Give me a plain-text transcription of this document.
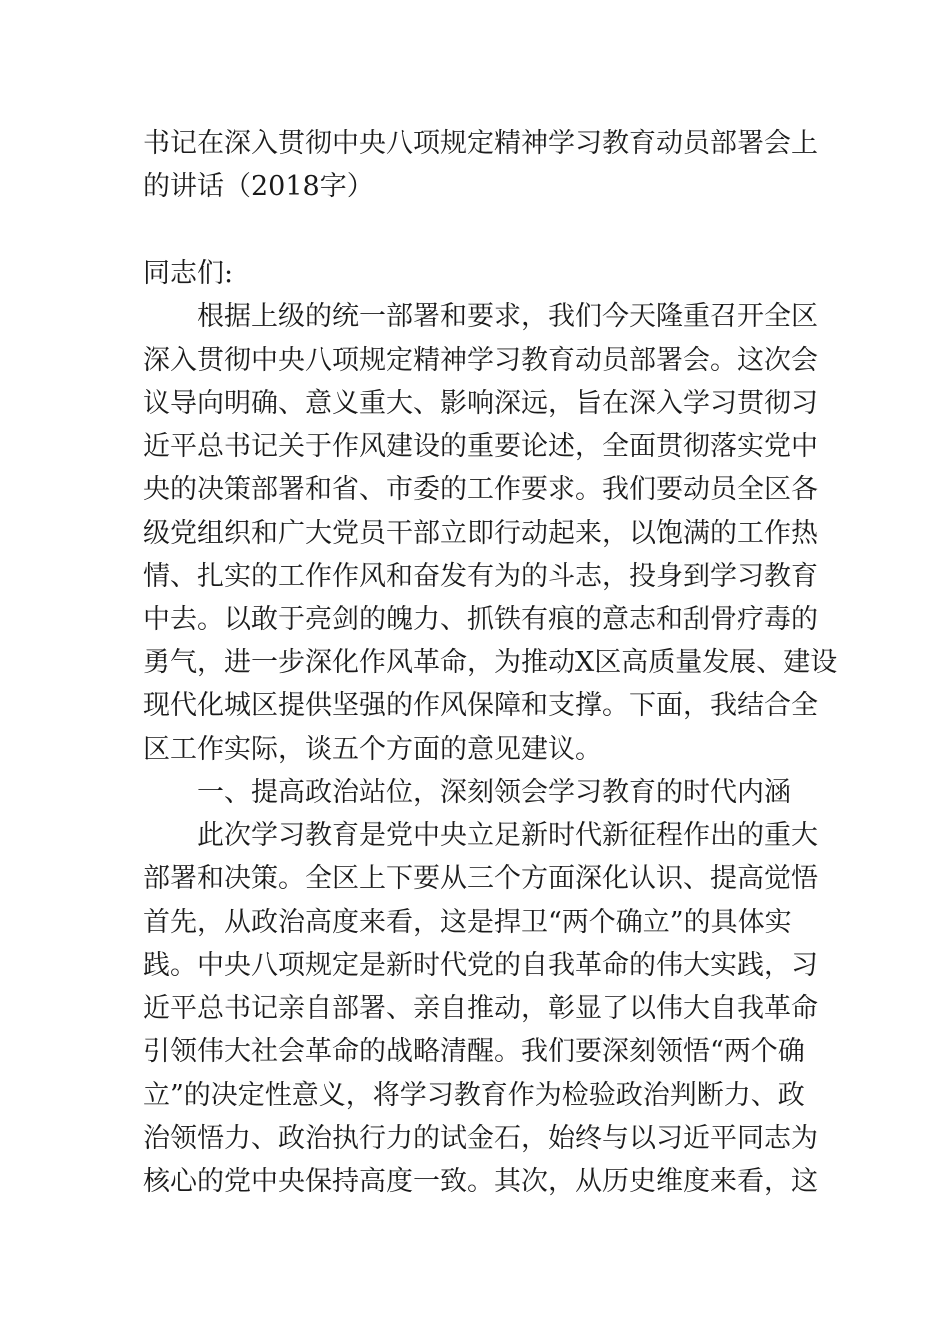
书记在深入贯彻中央八项规定精神学习教育动员部署会上
的讲话（2018字）
同志们:
根据上级的统一部署和要求，我们今天隆重召开全区
深入贯彻中央八项规定精神学习教育动员部署会。这次会
议导向明确、意义重大、影响深远，旨在深入学习贯彻习
近平总书记关于作风建设的重要论述，全面贯彻落实党中
央的决策部署和省、市委的工作要求。我们要动员全区各
级党组织和广大党员干部立即行动起来，以饱满的工作热
情、扎实的工作作风和奋发有为的斗志，投身到学习教育
中去。以敢于亮剑的魄力、抓铁有痕的意志和刮骨疗毒的
勇气，进一步深化作风革命，为推动X区高质量发展、建设
现代化城区提供坚强的作风保障和支撑。下面，我结合全
区工作实际，谈五个方面的意见建议。
一、提高政治站位，深刻领会学习教育的时代内涵
此次学习教育是党中央立足新时代新征程作出的重大
部署和决策。全区上下要从三个方面深化认识、提高觉悟
首先，从政治高度来看，这是捍卫“两个确立”的具体实
践。中央八项规定是新时代党的自我革命的伟大实践，习
近平总书记亲自部署、亲自推动，彰显了以伟大自我革命
引领伟大社会革命的战略清醒。我们要深刻领悟“两个确
立”的决定性意义，将学习教育作为检验政治判断力、政
治领悟力、政治执行力的试金石，始终与以习近平同志为
核心的党中央保持高度一致。其次，从历史维度来看，这
